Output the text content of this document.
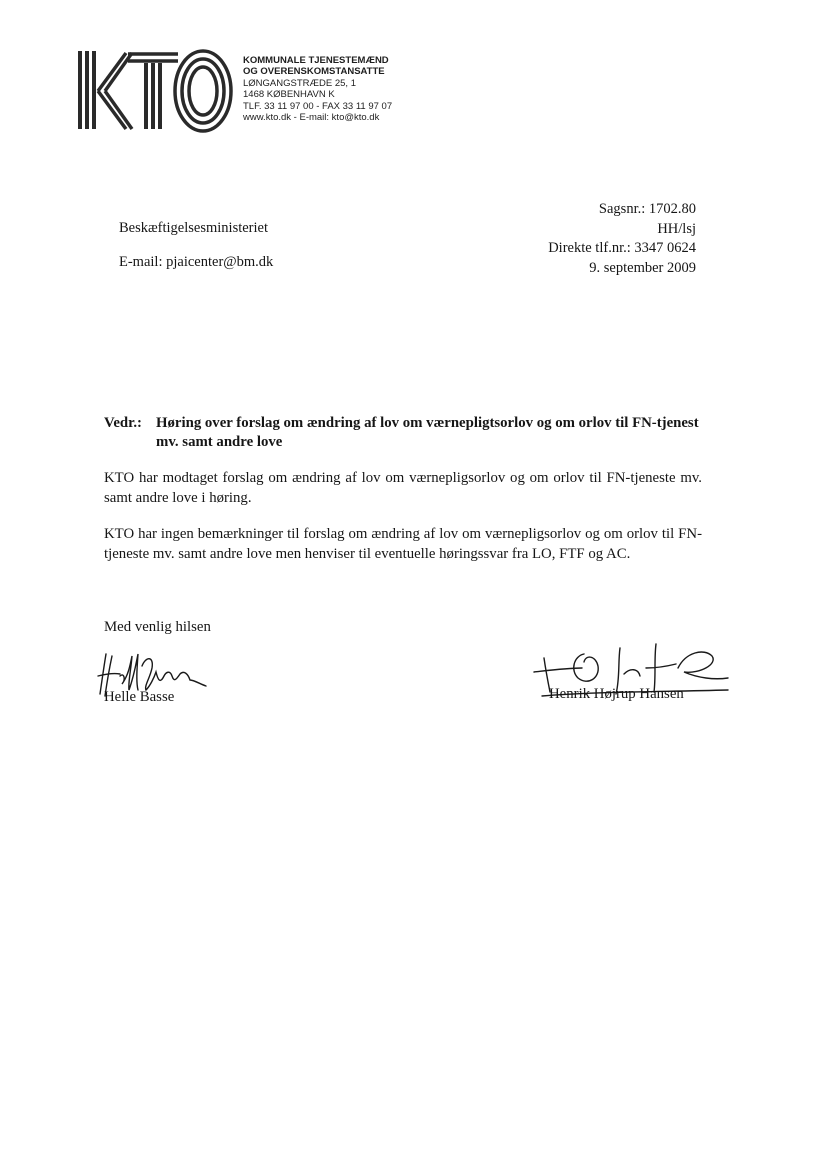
KOMMUNALE TJENESTEMÆND
OG OVERENSKOMSTANSATTE
LØNGANGSTRÆDE 25, 1
1468 KØBENHAVN K
TLF. 33 11 97 00 - FAX 33 11 97 07
www.kto.dk - E-mail: kto@kto.dk
Beskæftigelsesministeriet
E-mail: pjaicenter@bm.dk
Sagsnr.: 1702.80
HH/lsj
Direkte tlf.nr.: 3347 0624
9. september 2009
Vedr.: Høring over forslag om ændring af lov om værnepligtsorlov og om orlov til FN-tjenest mv. samt andre love
KTO har modtaget forslag om ændring af lov om værnepligsorlov og om orlov til FN-tjeneste mv. samt andre love i høring.
KTO har ingen bemærkninger til forslag om ændring af lov om værnepligsorlov og om orlov til FN-tjeneste mv. samt andre love men henviser til eventuelle høringssvar fra LO, FTF og AC.
Med venlig hilsen
Helle Basse	Henrik Højrup Hansen
